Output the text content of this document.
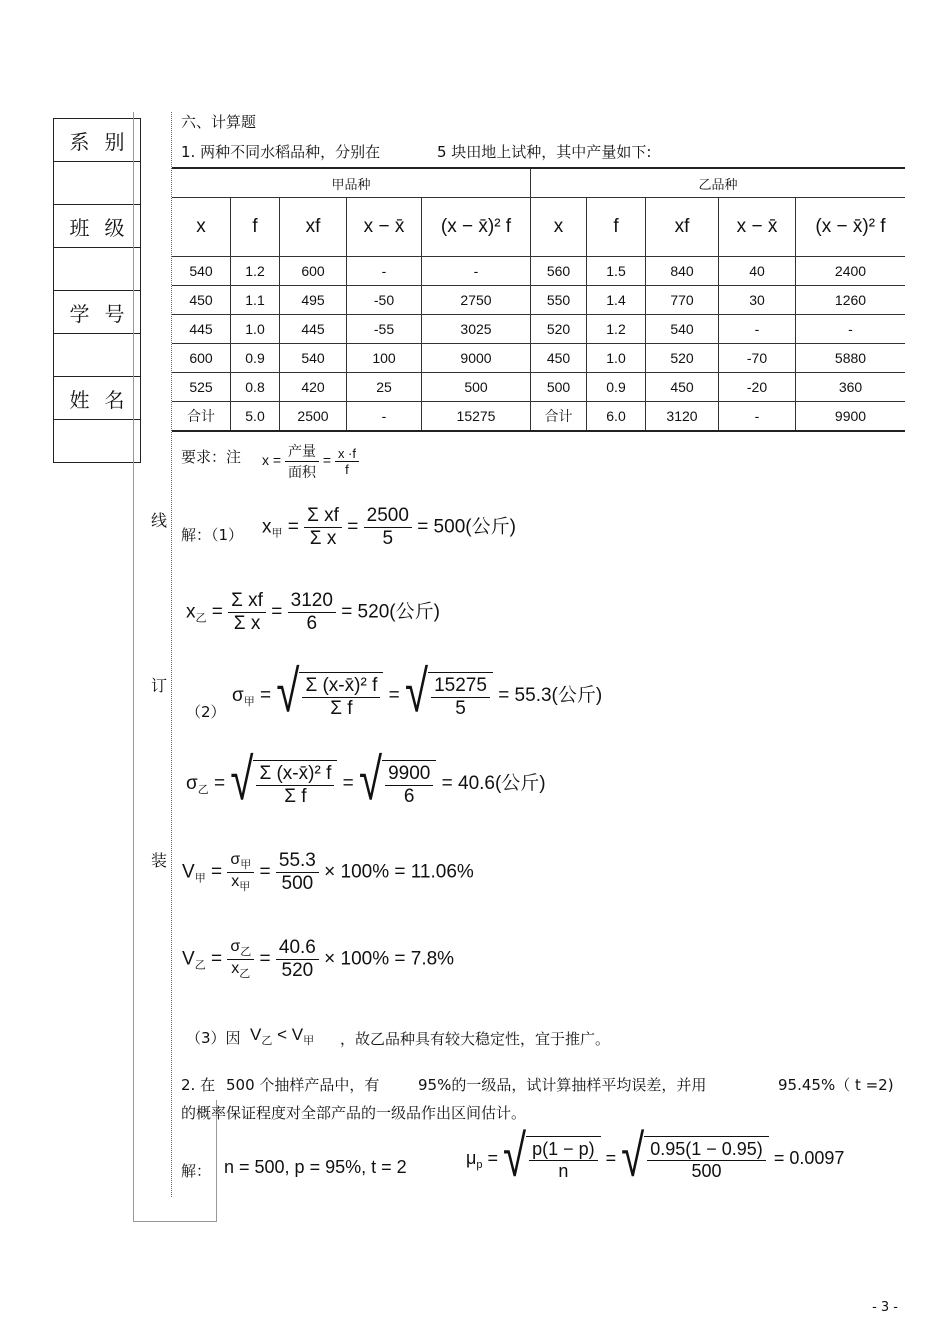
系 别
班 级
学 号
姓 名
线
订
装
六、计算题
1. 两种不同水稻品种，分别在	5 块田地上试种，其中产量如下:
甲品种					乙品种				
x	f	xf	x − x̄	(x − x̄)² f	x	f	xf	x − x̄	(x − x̄)² f
540	1.2	600	-	-	560	1.5	840	40	2400
450	1.1	495	-50	2750	550	1.4	770	30	1260
445	1.0	445	-55	3025	520	1.2	540	-	-
600	0.9	540	100	9000	450	1.0	520	-70	5880
525	0.8	420	25	500	500	0.9	450	-20	360
合计	5.0	2500	-	15275	合计	6.0	3120	-	9900
要求：注 $x = \frac{\text{产量}}{\text{面积}} = \frac{x \cdot f}{f}$
解：（1） $x_甲 = \frac{\text{Σ xf}}{\text{Σ x}} = \frac{2500}{5} = 500$(公斤)
$x_乙 = \frac{\text{Σ xf}}{\text{Σ x}} = \frac{3120}{6} = 520$(公斤)
（2）
$\sigma_甲$ = √ $\frac{\text{Σ (x-x̄)² f}}{\text{Σ f}}$ = √ $\frac{15275}{5} = 55.3$(公斤)
$\sigma_乙$ = √ $\frac{\text{Σ (x-x̄)² f}}{\text{Σ f}}$ = √ $\frac{9900}{6} = 40.6$(公斤)
$V_甲 = \frac{\sigma_甲}{x_甲} = \frac{55.3}{500} \times 100\% = 11.06\%$
$V_乙 = \frac{\sigma_乙}{x_乙} = \frac{40.6}{520} \times 100\% = 7.8\%$
（3）因 $V_乙 < V_甲$ ，故乙品种具有较大稳定性，宜于推广。
2. 在 500 个抽样产品中，有	95%的一级品，试计算抽样平均误差，并用	95.45%（ t =2)
的概率保证程度对全部产品的一级品作出区间估计。
解： n = 500, p = 95%, t = 2	$\mu_p$ = √ $\frac{p(1 - p)}{n}$ = √ $\frac{0.95(1 - 0.95)}{500} = 0.0097$
- 3 -
